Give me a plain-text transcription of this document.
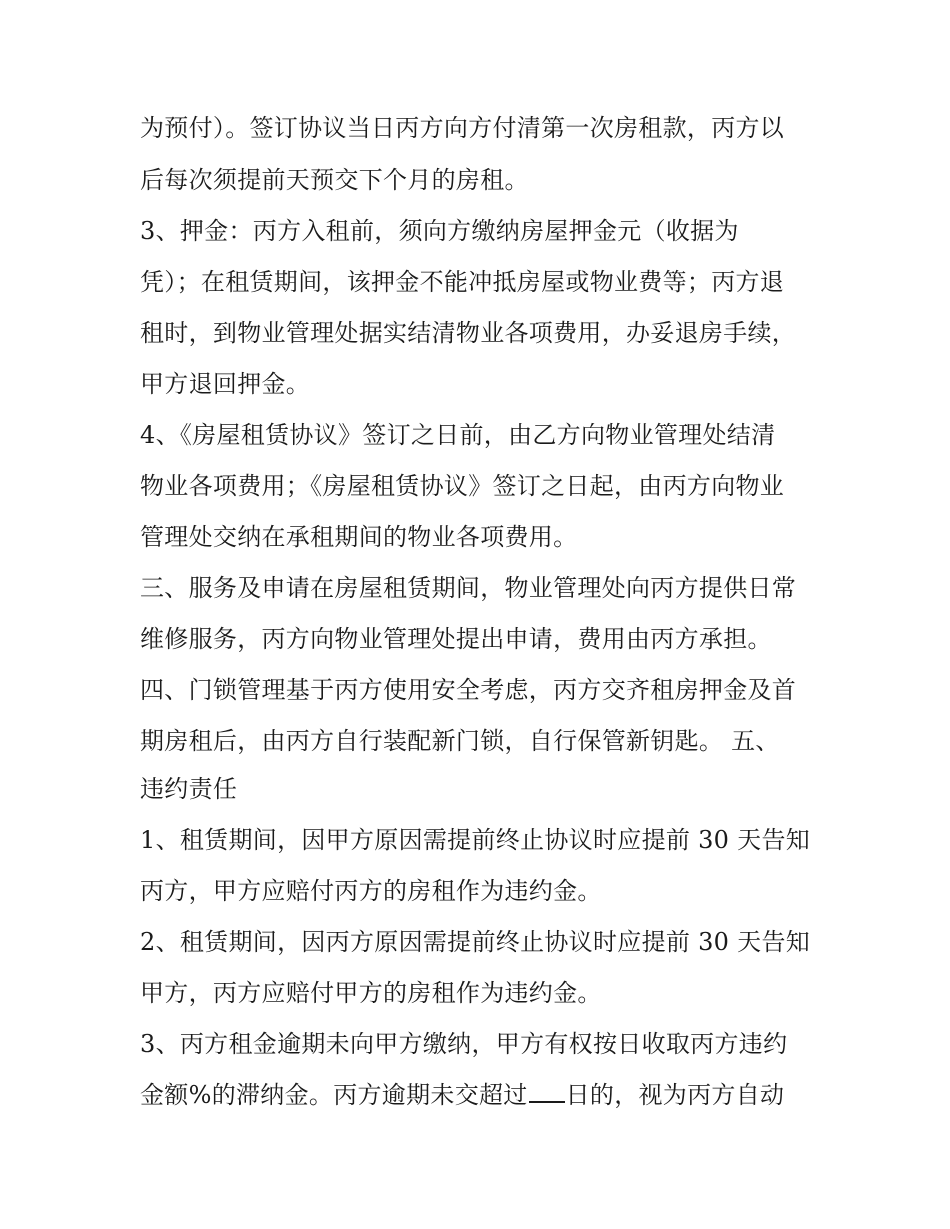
为预付）。签订协议当日丙方向方付清第一次房租款，丙方以
后每次须提前天预交下个月的房租。
3、押金：丙方入租前，须向方缴纳房屋押金元（收据为
凭）；在租赁期间，该押金不能冲抵房屋或物业费等；丙方退
租时，到物业管理处据实结清物业各项费用，办妥退房手续，
甲方退回押金。
4、《房屋租赁协议》签订之日前，由乙方向物业管理处结清
物业各项费用；《房屋租赁协议》签订之日起，由丙方向物业
管理处交纳在承租期间的物业各项费用。
三、服务及申请在房屋租赁期间，物业管理处向丙方提供日常
维修服务，丙方向物业管理处提出申请，费用由丙方承担。
四、门锁管理基于丙方使用安全考虑，丙方交齐租房押金及首
期房租后，由丙方自行装配新门锁，自行保管新钥匙。 五、
违约责任
1、租赁期间，因甲方原因需提前终止协议时应提前 30 天告知
丙方，甲方应赔付丙方的房租作为违约金。
2、租赁期间，因丙方原因需提前终止协议时应提前 30 天告知
甲方，丙方应赔付甲方的房租作为违约金。
3、丙方租金逾期未向甲方缴纳，甲方有权按日收取丙方违约
金额%的滞纳金。丙方逾期未交超过 日的，视为丙方自动
